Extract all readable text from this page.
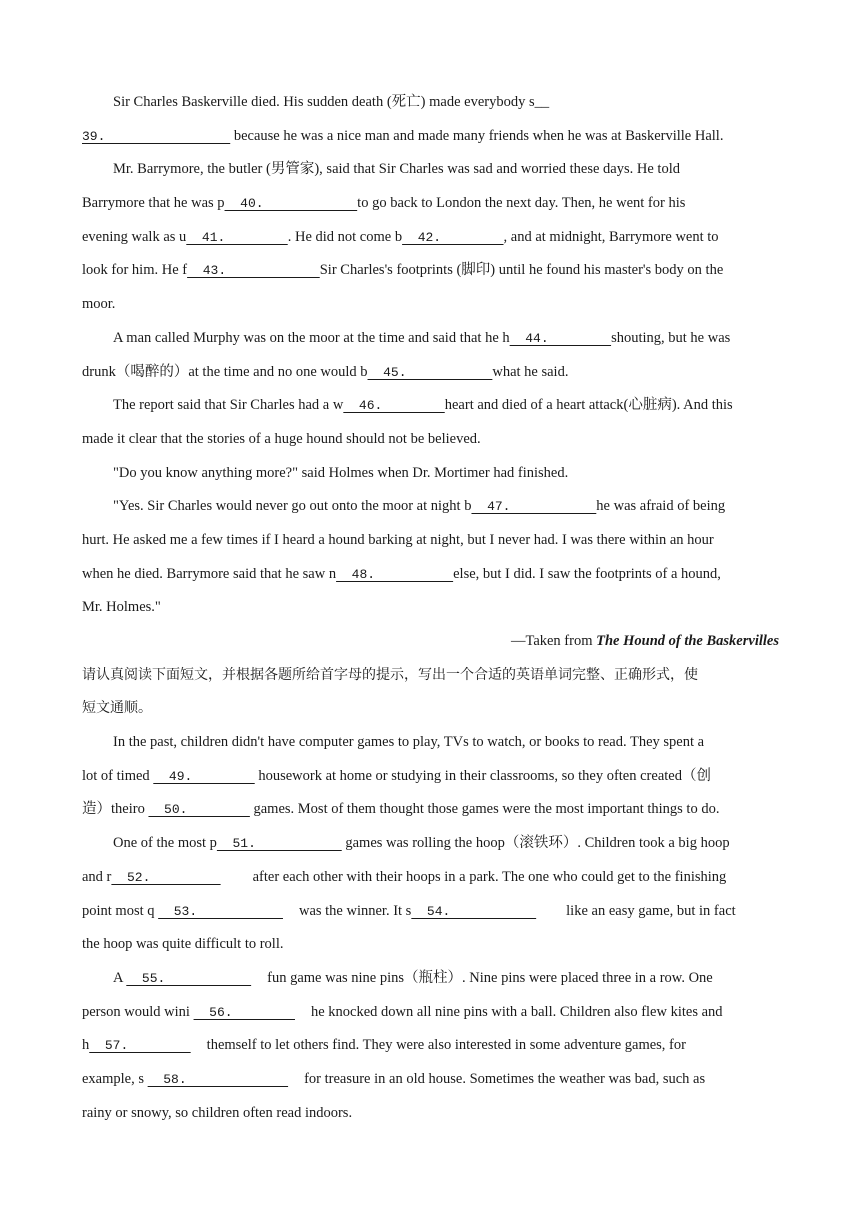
Sir Charles Baskerville died. His sudden death (死亡) made everybody s__
39.                 because he was a nice man and made many friends when he was at Baskerville Hall.
Mr. Barrymore, the butler (男管家), said that Sir Charles was sad and worried these days. He told
Barrymore that he was p  40.            to go back to London the next day. Then, he went for his
evening walk as u  41.        . He did not come b  42.        , and at midnight, Barrymore went to
look for him. He f  43.            Sir Charles's footprints (脚印) until he found his master's body on the
moor.
A man called Murphy was on the moor at the time and said that he h  44.        shouting, but he was
drunk（喝醉的）at the time and no one would b  45.           what he said.
The report said that Sir Charles had a w  46.        heart and died of a heart attack(心脏病). And this
made it clear that the stories of a huge hound should not be believed.
"Do you know anything more?" said Holmes when Dr. Mortimer had finished.
"Yes. Sir Charles would never go out onto the moor at night b  47.           he was afraid of being
hurt. He asked me a few times if I heard a hound barking at night, but I never had. I was there within an hour
when he died. Barrymore said that he saw n  48.          else, but I did. I saw the footprints of a hound,
Mr. Holmes."
—Taken from The Hound of the Baskervilles
请认真阅读下面短文，并根据各题所给首字母的提示，写出一个合适的英语单词完整、正确形式，使
短文通顺。
In the past, children didn't have computer games to play, TVs to watch, or books to read. They spent a
lot of timed   49.         housework at home or studying in their classrooms, so they often created（创
造）theiro   50.         games. Most of them thought those games were the most important things to do.
One of the most p  51.            games was rolling the hoop（滚铁环）. Children took a big hoop
and r  52.         after each other with their hoops in a park. The one who could get to the finishing
point most q   53.           was the winner. It s  54.           like an easy game, but in fact
the hoop was quite difficult to roll.
A   55.           fun game was nine pins（瓶柱）. Nine pins were placed three in a row. One
person would wini   56.        he knocked down all nine pins with a ball. Children also flew kites and
h  57.        themself to let others find. They were also interested in some adventure games, for
example, s   58.             for treasure in an old house. Sometimes the weather was bad, such as
rainy or snowy, so children often read indoors.
